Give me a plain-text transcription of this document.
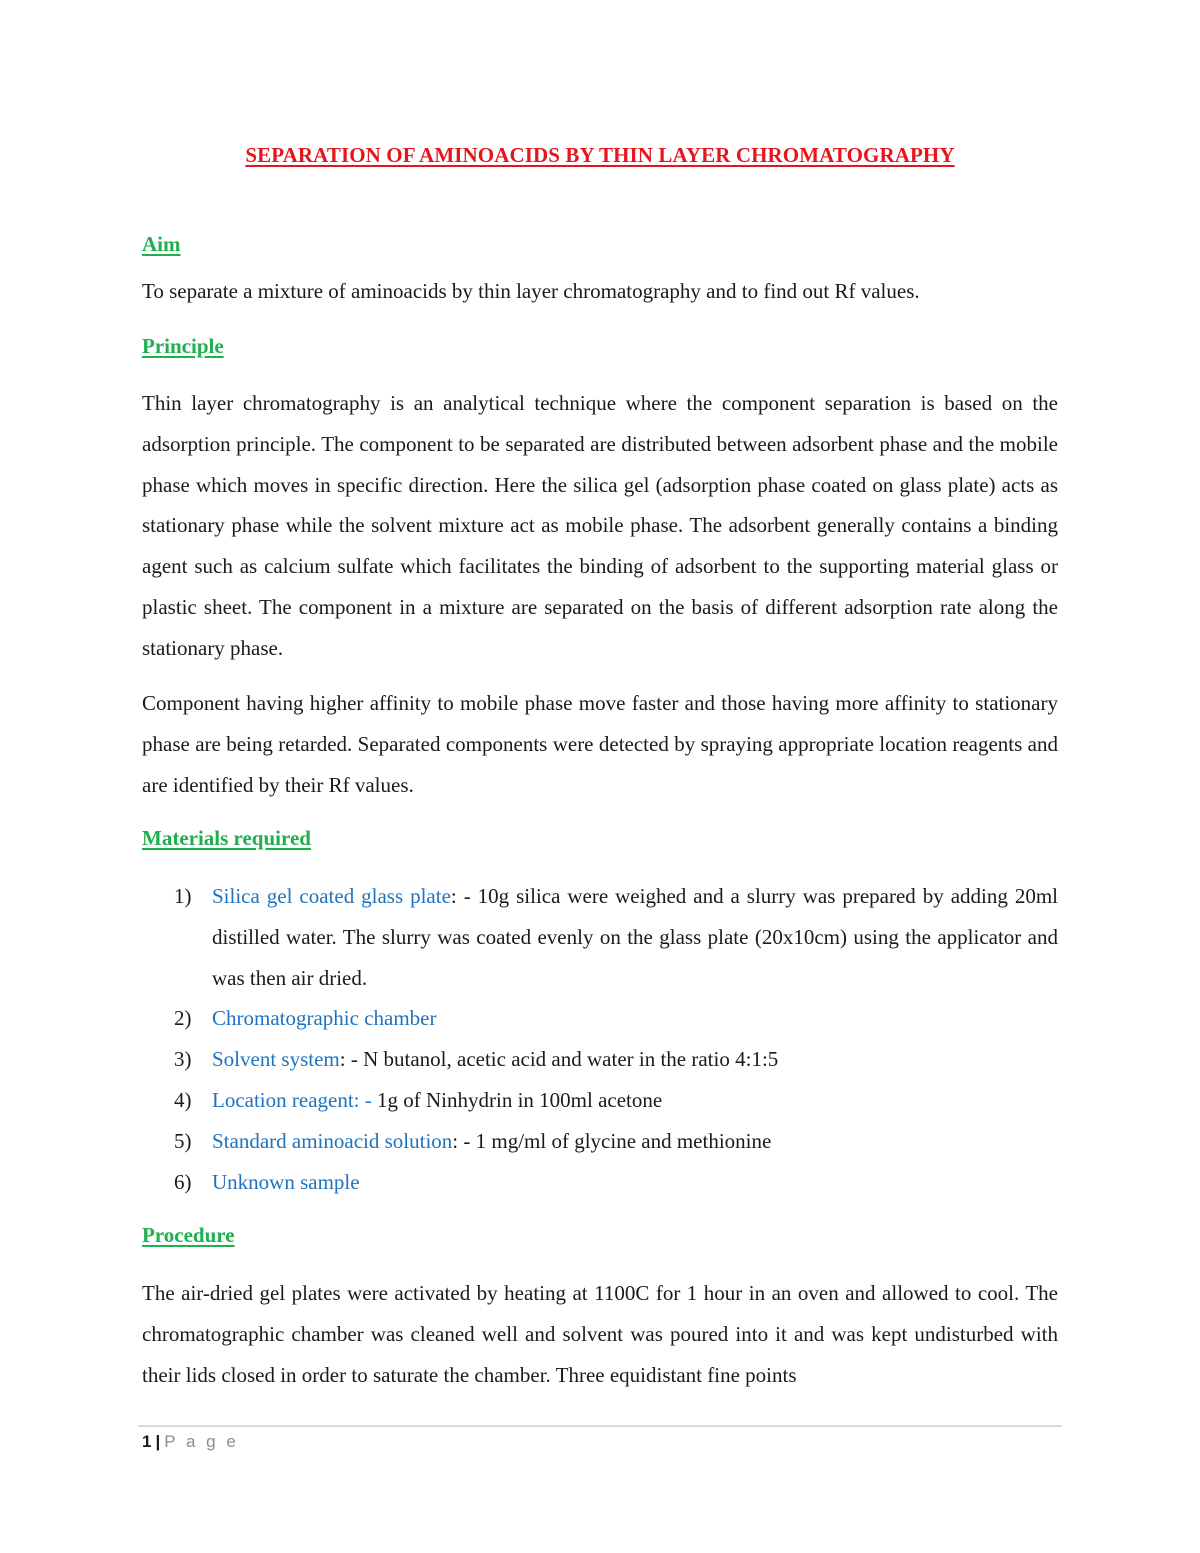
SEPARATION OF AMINOACIDS BY THIN LAYER CHROMATOGRAPHY
Aim

To separate a mixture of aminoacids by thin layer chromatography and to find out Rf values.

Principle

Thin layer chromatography is an analytical technique where the component separation is based on the adsorption principle. The component to be separated are distributed between adsorbent phase and the mobile phase which moves in specific direction. Here the silica gel (adsorption phase coated on glass plate) acts as stationary phase while the solvent mixture act as mobile phase. The adsorbent generally contains a binding agent such as calcium sulfate which facilitates the binding of adsorbent to the supporting material glass or plastic sheet. The component in a mixture are separated on the basis of different adsorption rate along the stationary phase.

Component having higher affinity to mobile phase move faster and those having more affinity to stationary phase are being retarded. Separated components were detected by spraying appropriate location reagents and are identified by their Rf values.

Materials required
1) Silica gel coated glass plate: - 10g silica were weighed and a slurry was prepared by adding 20ml distilled water. The slurry was coated evenly on the glass plate (20x10cm) using the applicator and was then air dried.
2) Chromatographic chamber
3) Solvent system: - N butanol, acetic acid and water in the ratio 4:1:5
4) Location reagent: - 1g of Ninhydrin in 100ml acetone
5) Standard aminoacid solution: - 1 mg/ml of glycine and methionine
6) Unknown sample
Procedure

The air-dried gel plates were activated by heating at 1100C for 1 hour in an oven and allowed to cool. The chromatographic chamber was cleaned well and solvent was poured into it and was kept undisturbed with their lids closed in order to saturate the chamber. Three equidistant fine points

1 | P a g e
